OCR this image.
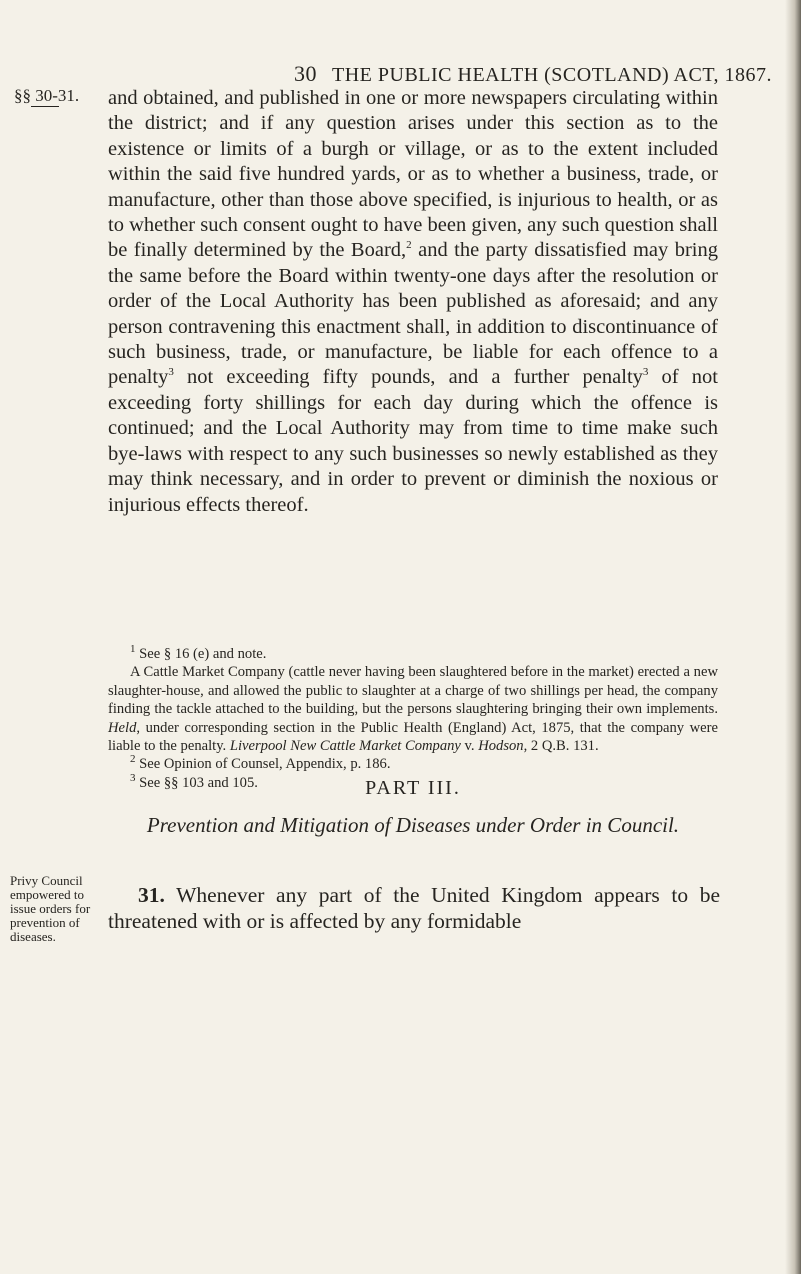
30 THE PUBLIC HEALTH (SCOTLAND) ACT, 1867.
§§ 30-31. and obtained, and published in one or more newspapers circulating within the district; and if any question arises under this section as to the existence or limits of a burgh or village, or as to the extent included within the said five hundred yards, or as to whether a business, trade, or manufacture, other than those above specified, is injurious to health, or as to whether such consent ought to have been given, any such question shall be finally determined by the Board,$^2$ and the party dissatisfied may bring the same before the Board within twenty-one days after the resolution or order of the Local Authority has been published as aforesaid; and any person contravening this enactment shall, in addition to discontinuance of such business, trade, or manufacture, be liable for each offence to a penalty$^3$ not exceeding fifty pounds, and a further penalty$^3$ of not exceeding forty shillings for each day during which the offence is continued; and the Local Authority may from time to time make such bye-laws with respect to any such businesses so newly established as they may think necessary, and in order to prevent or diminish the noxious or injurious effects thereof.

$^1$ See § 16 (e) and note.

A Cattle Market Company (cattle never having been slaughtered before in the market) erected a new slaughter-house, and allowed the public to slaughter at a charge of two shillings per head, the company finding the tackle attached to the building, but the persons slaughtering bringing their own implements. Held, under corresponding section in the Public Health (England) Act, 1875, that the company were liable to the penalty. Liverpool New Cattle Market Company v. Hodson, 2 Q.B. 131.

$^2$ See Opinion of Counsel, Appendix, p. 186.

$^3$ See §§ 103 and 105.	PART III.
Prevention and Mitigation of Diseases under Order in Council.
Privy Council empowered to issue orders for prevention of diseases.

31. Whenever any part of the United Kingdom appears to be threatened with or is affected by any formidable
